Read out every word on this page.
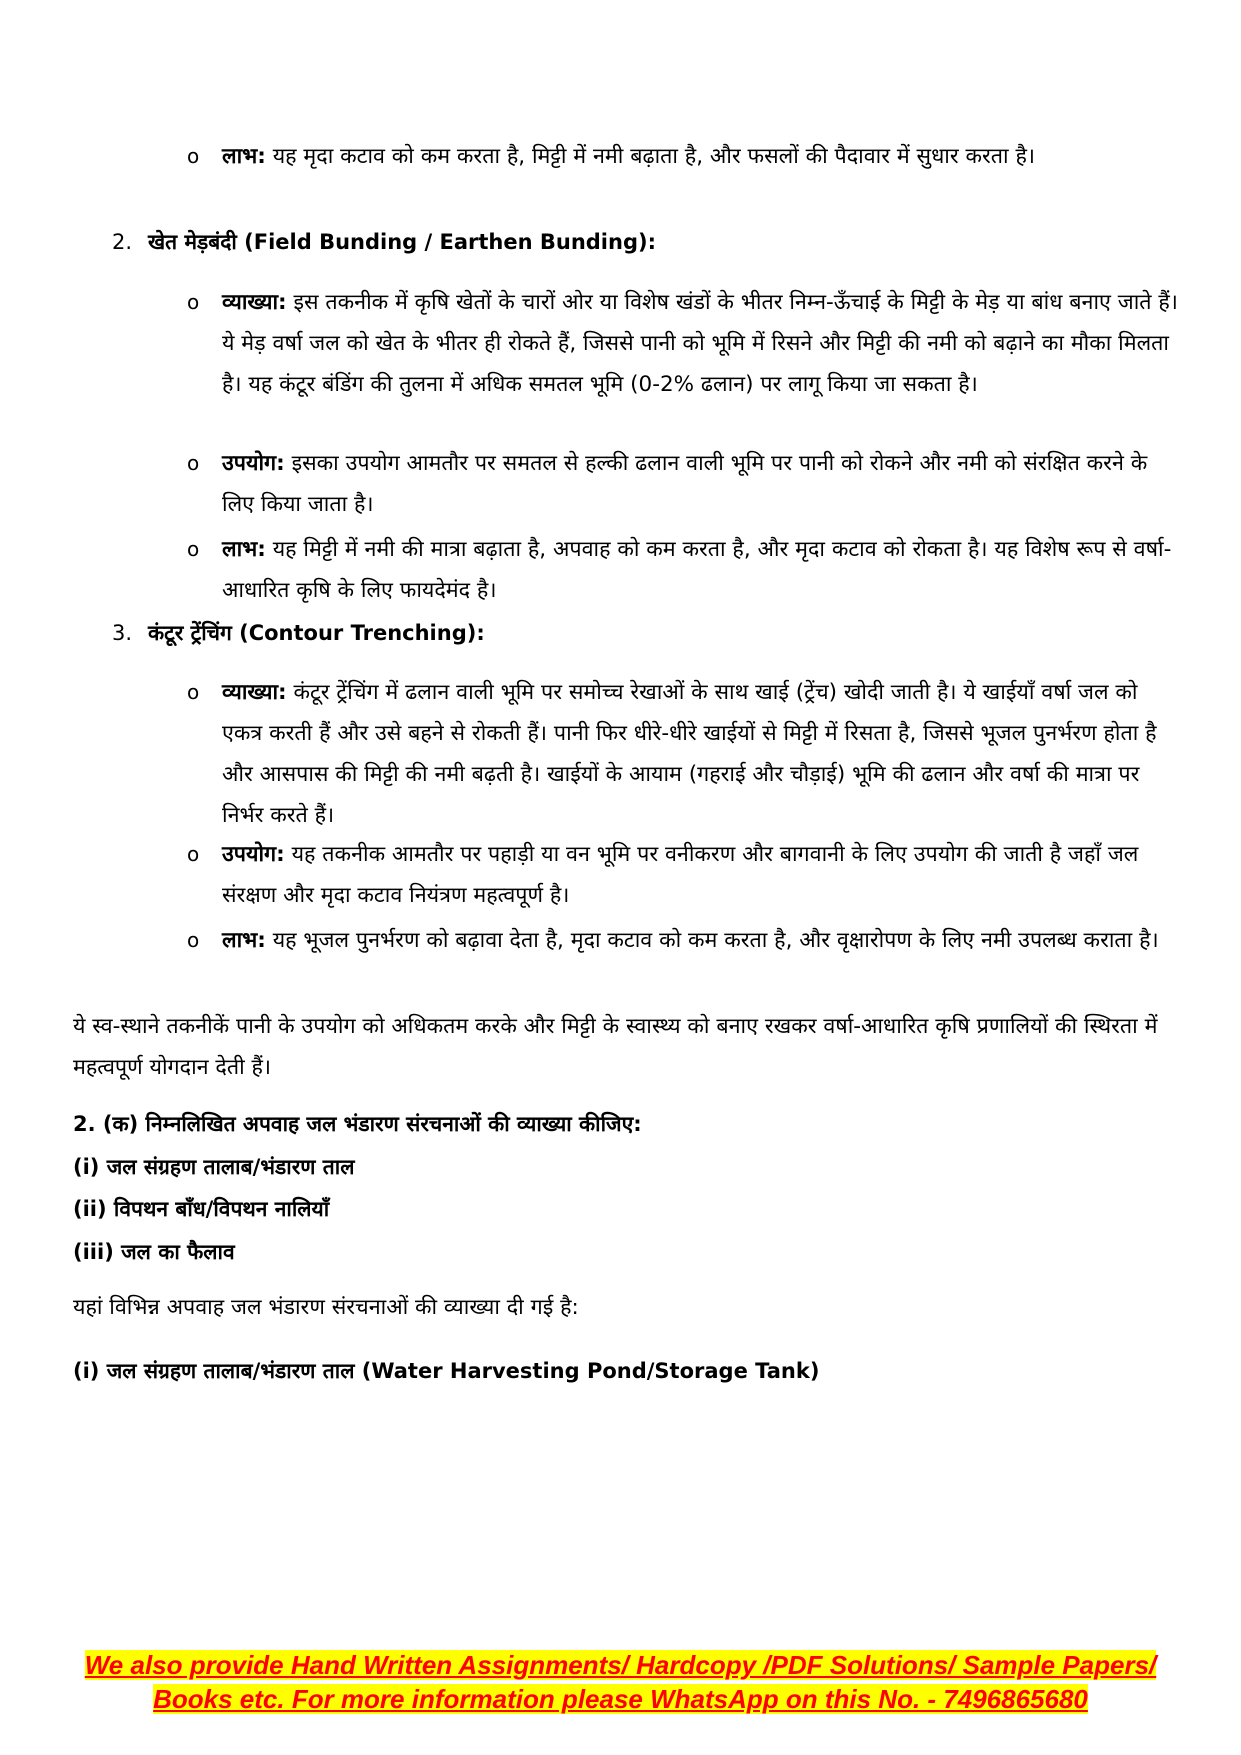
o लाभ: यह मृदा कटाव को कम करता है, मिट्टी में नमी बढ़ाता है, और फसलों की पैदावार में सुधार करता है।
2. खेत मेड़बंदी (Field Bunding / Earthen Bunding):
o व्याख्या: इस तकनीक में कृषि खेतों के चारों ओर या विशेष खंडों के भीतर निम्न-ऊँचाई के मिट्टी के मेड़ या बांध बनाए जाते हैं। ये मेड़ वर्षा जल को खेत के भीतर ही रोकते हैं, जिससे पानी को भूमि में रिसने और मिट्टी की नमी को बढ़ाने का मौका मिलता है। यह कंटूर बंडिंग की तुलना में अधिक समतल भूमि (0-2% ढलान) पर लागू किया जा सकता है।
o उपयोग: इसका उपयोग आमतौर पर समतल से हल्की ढलान वाली भूमि पर पानी को रोकने और नमी को संरक्षित करने के लिए किया जाता है।
o लाभ: यह मिट्टी में नमी की मात्रा बढ़ाता है, अपवाह को कम करता है, और मृदा कटाव को रोकता है। यह विशेष रूप से वर्षा-आधारित कृषि के लिए फायदेमंद है।
3. कंटूर ट्रेंचिंग (Contour Trenching):
o व्याख्या: कंटूर ट्रेंचिंग में ढलान वाली भूमि पर समोच्च रेखाओं के साथ खाई (ट्रेंच) खोदी जाती है। ये खाईयाँ वर्षा जल को एकत्र करती हैं और उसे बहने से रोकती हैं। पानी फिर धीरे-धीरे खाईयों से मिट्टी में रिसता है, जिससे भूजल पुनर्भरण होता है और आसपास की मिट्टी की नमी बढ़ती है। खाईयों के आयाम (गहराई और चौड़ाई) भूमि की ढलान और वर्षा की मात्रा पर निर्भर करते हैं।
o उपयोग: यह तकनीक आमतौर पर पहाड़ी या वन भूमि पर वनीकरण और बागवानी के लिए उपयोग की जाती है जहाँ जल संरक्षण और मृदा कटाव नियंत्रण महत्वपूर्ण है।
o लाभ: यह भूजल पुनर्भरण को बढ़ावा देता है, मृदा कटाव को कम करता है, और वृक्षारोपण के लिए नमी उपलब्ध कराता है।
ये स्व-स्थाने तकनीकें पानी के उपयोग को अधिकतम करके और मिट्टी के स्वास्थ्य को बनाए रखकर वर्षा-आधारित कृषि प्रणालियों की स्थिरता में महत्वपूर्ण योगदान देती हैं।
2. (क) निम्नलिखित अपवाह जल भंडारण संरचनाओं की व्याख्या कीजिए:
(i) जल संग्रहण तालाब/भंडारण ताल
(ii) विपथन बाँध/विपथन नालियाँ
(iii) जल का फैलाव
यहां विभिन्न अपवाह जल भंडारण संरचनाओं की व्याख्या दी गई है:
(i) जल संग्रहण तालाब/भंडारण ताल (Water Harvesting Pond/Storage Tank)
We also provide Hand Written Assignments/ Hardcopy /PDF Solutions/ Sample Papers/
Books etc. For more information please WhatsApp on this No. - 7496865680
